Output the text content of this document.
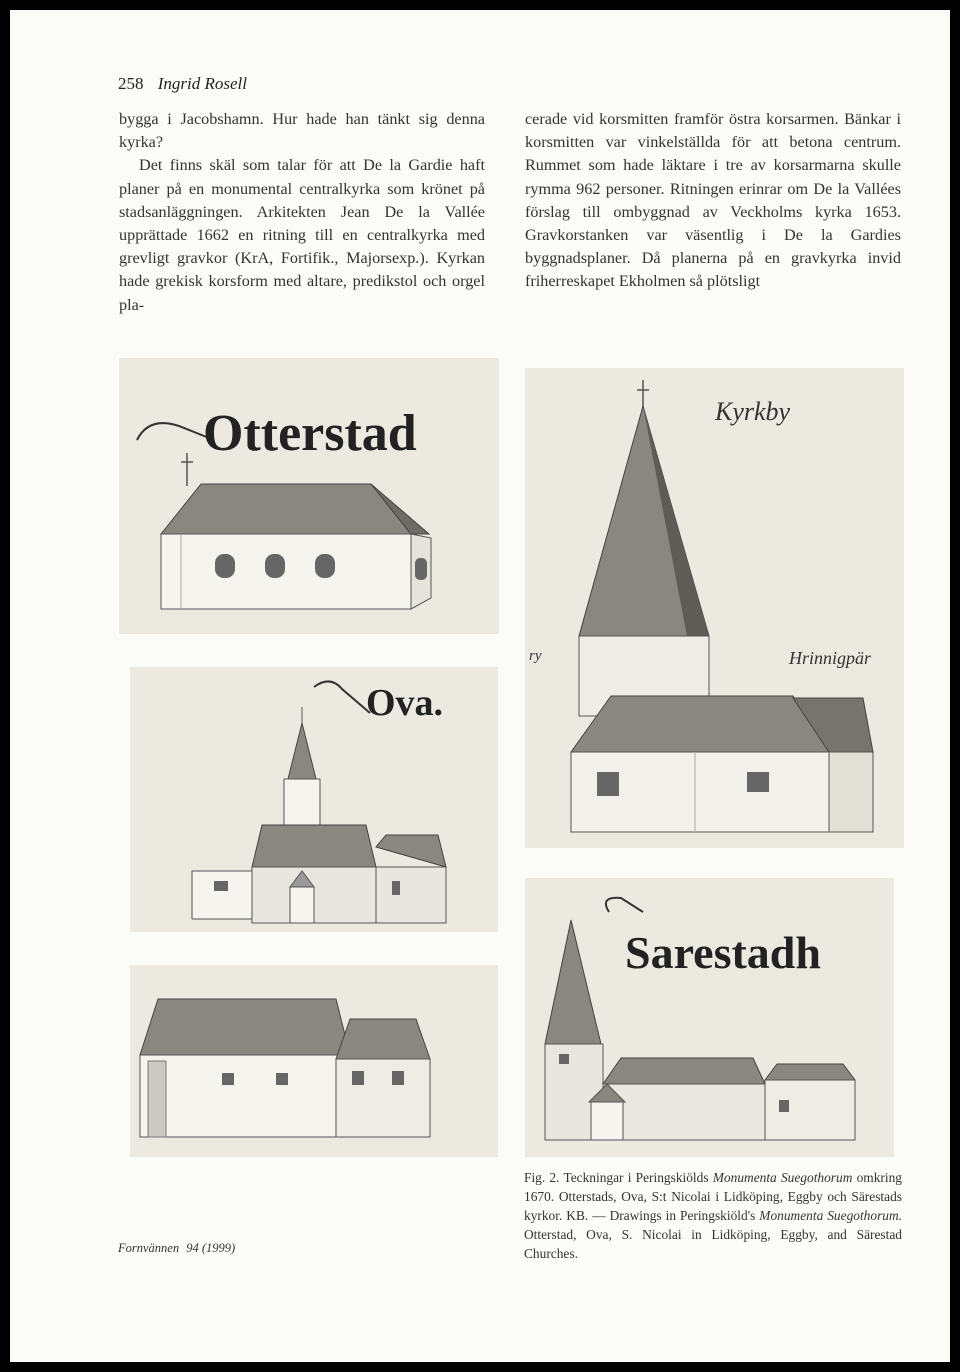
258 Ingrid Rosell

bygga i Jacobshamn. Hur hade han tänkt sig denna kyrka?

Det finns skäl som talar för att De la Gardie haft planer på en monumental centralkyrka som krönet på stadsanläggningen. Arkitekten Jean De la Vallée upprättade 1662 en ritning till en centralkyrka med grevligt gravkor (KrA, Fortifik., Majorsexp.). Kyrkan hade grekisk korsform med altare, predikstol och orgel pla-

cerade vid korsmitten framför östra korsarmen. Bänkar i korsmitten var vinkelställda för att betona centrum. Rummet som hade läktare i tre av korsarmarna skulle rymma 962 personer. Ritningen erinrar om De la Vallées förslag till ombyggnad av Veckholms kyrka 1653. Gravkorstanken var väsentlig i De la Gardies byggnadsplaner. Då planerna på en gravkyrka invid friherreskapet Ekholmen så plötsligt

Otterstad
Ova.
Kyrkby
ry	Hrinnigpär
Eggby
Sarestadh
Fig. 2. Teckningar i Peringskiölds Monumenta Suegothorum omkring 1670. Otterstads, Ova, S:t Nicolai i Lidköping, Eggby och Särestads kyrkor. KB. — Drawings in Peringskiöld's Monumenta Suegothorum. Otterstad, Ova, S. Nicolai in Lidköping, Eggby, and Särestad Churches.
Fornvännen 94 (1999)
